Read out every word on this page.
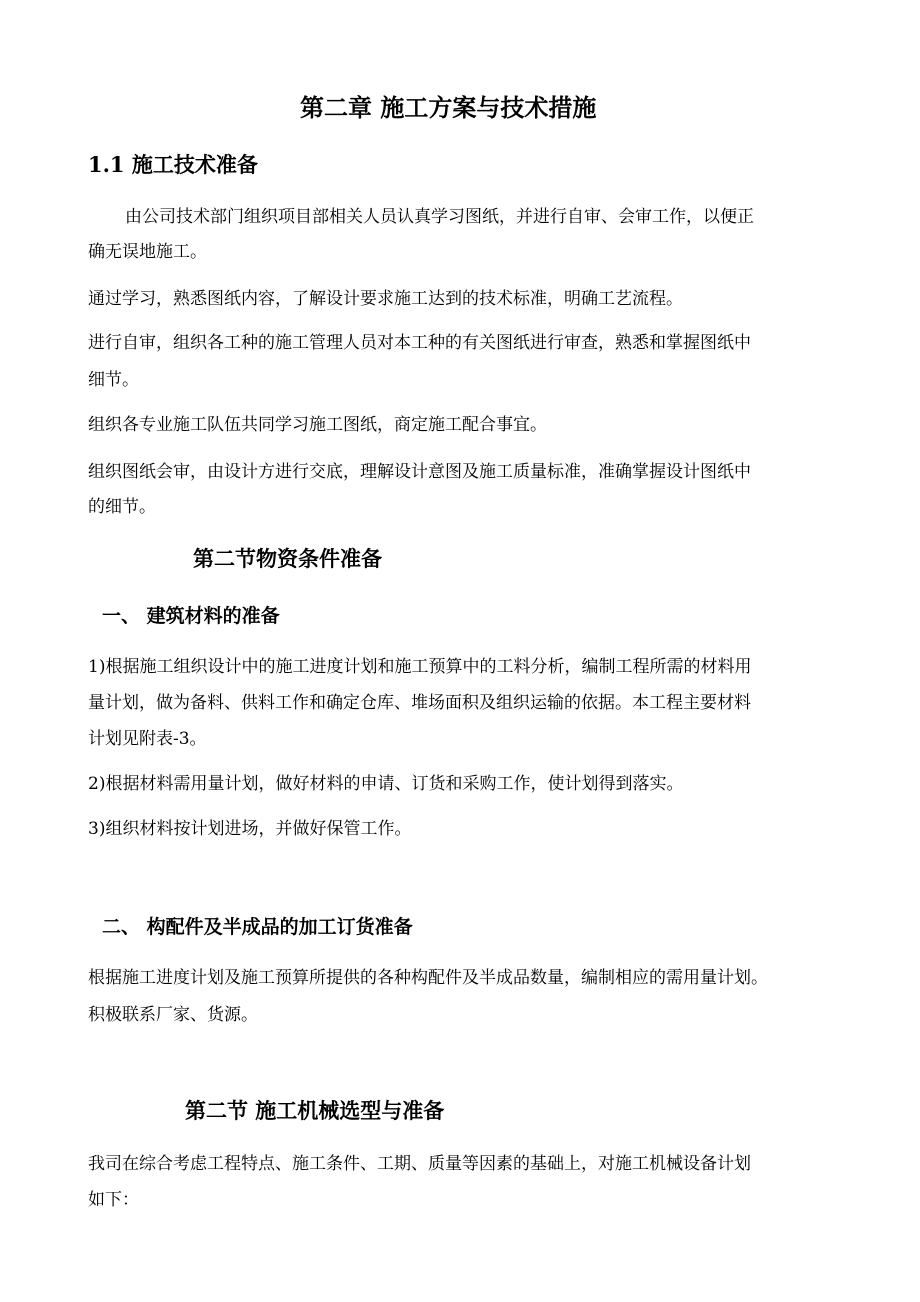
第二章 施工方案与技术措施
1.1 施工技术准备
由公司技术部门组织项目部相关人员认真学习图纸，并进行自审、会审工作，以便正
确无误地施工。
通过学习，熟悉图纸内容，了解设计要求施工达到的技术标准，明确工艺流程。
进行自审，组织各工种的施工管理人员对本工种的有关图纸进行审查，熟悉和掌握图纸中
细节。
组织各专业施工队伍共同学习施工图纸，商定施工配合事宜。
组织图纸会审，由设计方进行交底，理解设计意图及施工质量标准，准确掌握设计图纸中
的细节。
第二节物资条件准备
一、 建筑材料的准备
1)根据施工组织设计中的施工进度计划和施工预算中的工料分析，编制工程所需的材料用
量计划，做为备料、供料工作和确定仓库、堆场面积及组织运输的依据。本工程主要材料
计划见附表-3。
2)根据材料需用量计划，做好材料的申请、订货和采购工作，使计划得到落实。
3)组织材料按计划进场，并做好保管工作。
二、 构配件及半成品的加工订货准备
根据施工进度计划及施工预算所提供的各种构配件及半成品数量，编制相应的需用量计划。
积极联系厂家、货源。
第二节 施工机械选型与准备
我司在综合考虑工程特点、施工条件、工期、质量等因素的基础上，对施工机械设备计划
如下：
